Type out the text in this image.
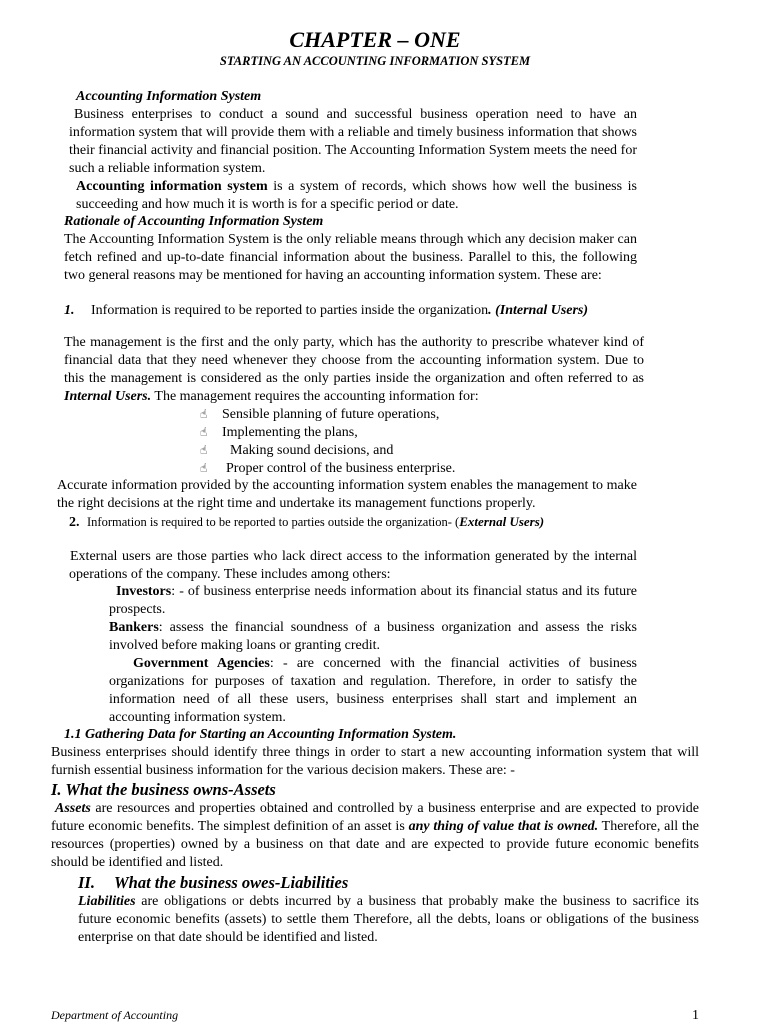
CHAPTER – ONE
STARTING AN ACCOUNTING INFORMATION SYSTEM
Accounting Information System
Business enterprises to conduct a sound and successful business operation need to have an information system that will provide them with a reliable and timely business information that shows their financial activity and financial position. The Accounting Information System meets the need for such a reliable information system.
Accounting information system is a system of records, which shows how well the business is succeeding and how much it is worth is for a specific period or date.
Rationale of Accounting Information System
The Accounting Information System is the only reliable means through which any decision maker can fetch refined and up-to-date financial information about the business. Parallel to this, the following two general reasons may be mentioned for having an accounting information system. These are:
1. Information is required to be reported to parties inside the organization. (Internal Users)
The management is the first and the only party, which has the authority to prescribe whatever kind of financial data that they need whenever they choose from the accounting information system. Due to this the management is considered as the only parties inside the organization and often referred to as Internal Users. The management requires the accounting information for:
☝ Sensible planning of future operations,
☝ Implementing the plans,
☝ Making sound decisions, and
☝ Proper control of the business enterprise.
Accurate information provided by the accounting information system enables the management to make the right decisions at the right time and undertake its management functions properly.
2. Information is required to be reported to parties outside the organization- (External Users)
External users are those parties who lack direct access to the information generated by the internal operations of the company. These includes among others:
Investors: - of business enterprise needs information about its financial status and its future prospects.
Bankers: assess the financial soundness of a business organization and assess the risks involved before making loans or granting credit.
Government Agencies: - are concerned with the financial activities of business organizations for purposes of taxation and regulation. Therefore, in order to satisfy the information need of all these users, business enterprises shall start and implement an accounting information system.
1.1 Gathering Data for Starting an Accounting Information System.
Business enterprises should identify three things in order to start a new accounting information system that will furnish essential business information for the various decision makers. These are: -
I. What the business owns-Assets
Assets are resources and properties obtained and controlled by a business enterprise and are expected to provide future economic benefits. The simplest definition of an asset is any thing of value that is owned. Therefore, all the resources (properties) owned by a business on that date and are expected to provide future economic benefits should be identified and listed.
II. What the business owes-Liabilities
Liabilities are obligations or debts incurred by a business that probably make the business to sacrifice its future economic benefits (assets) to settle them Therefore, all the debts, loans or obligations of the business enterprise on that date should be identified and listed.
Department of Accounting	1
